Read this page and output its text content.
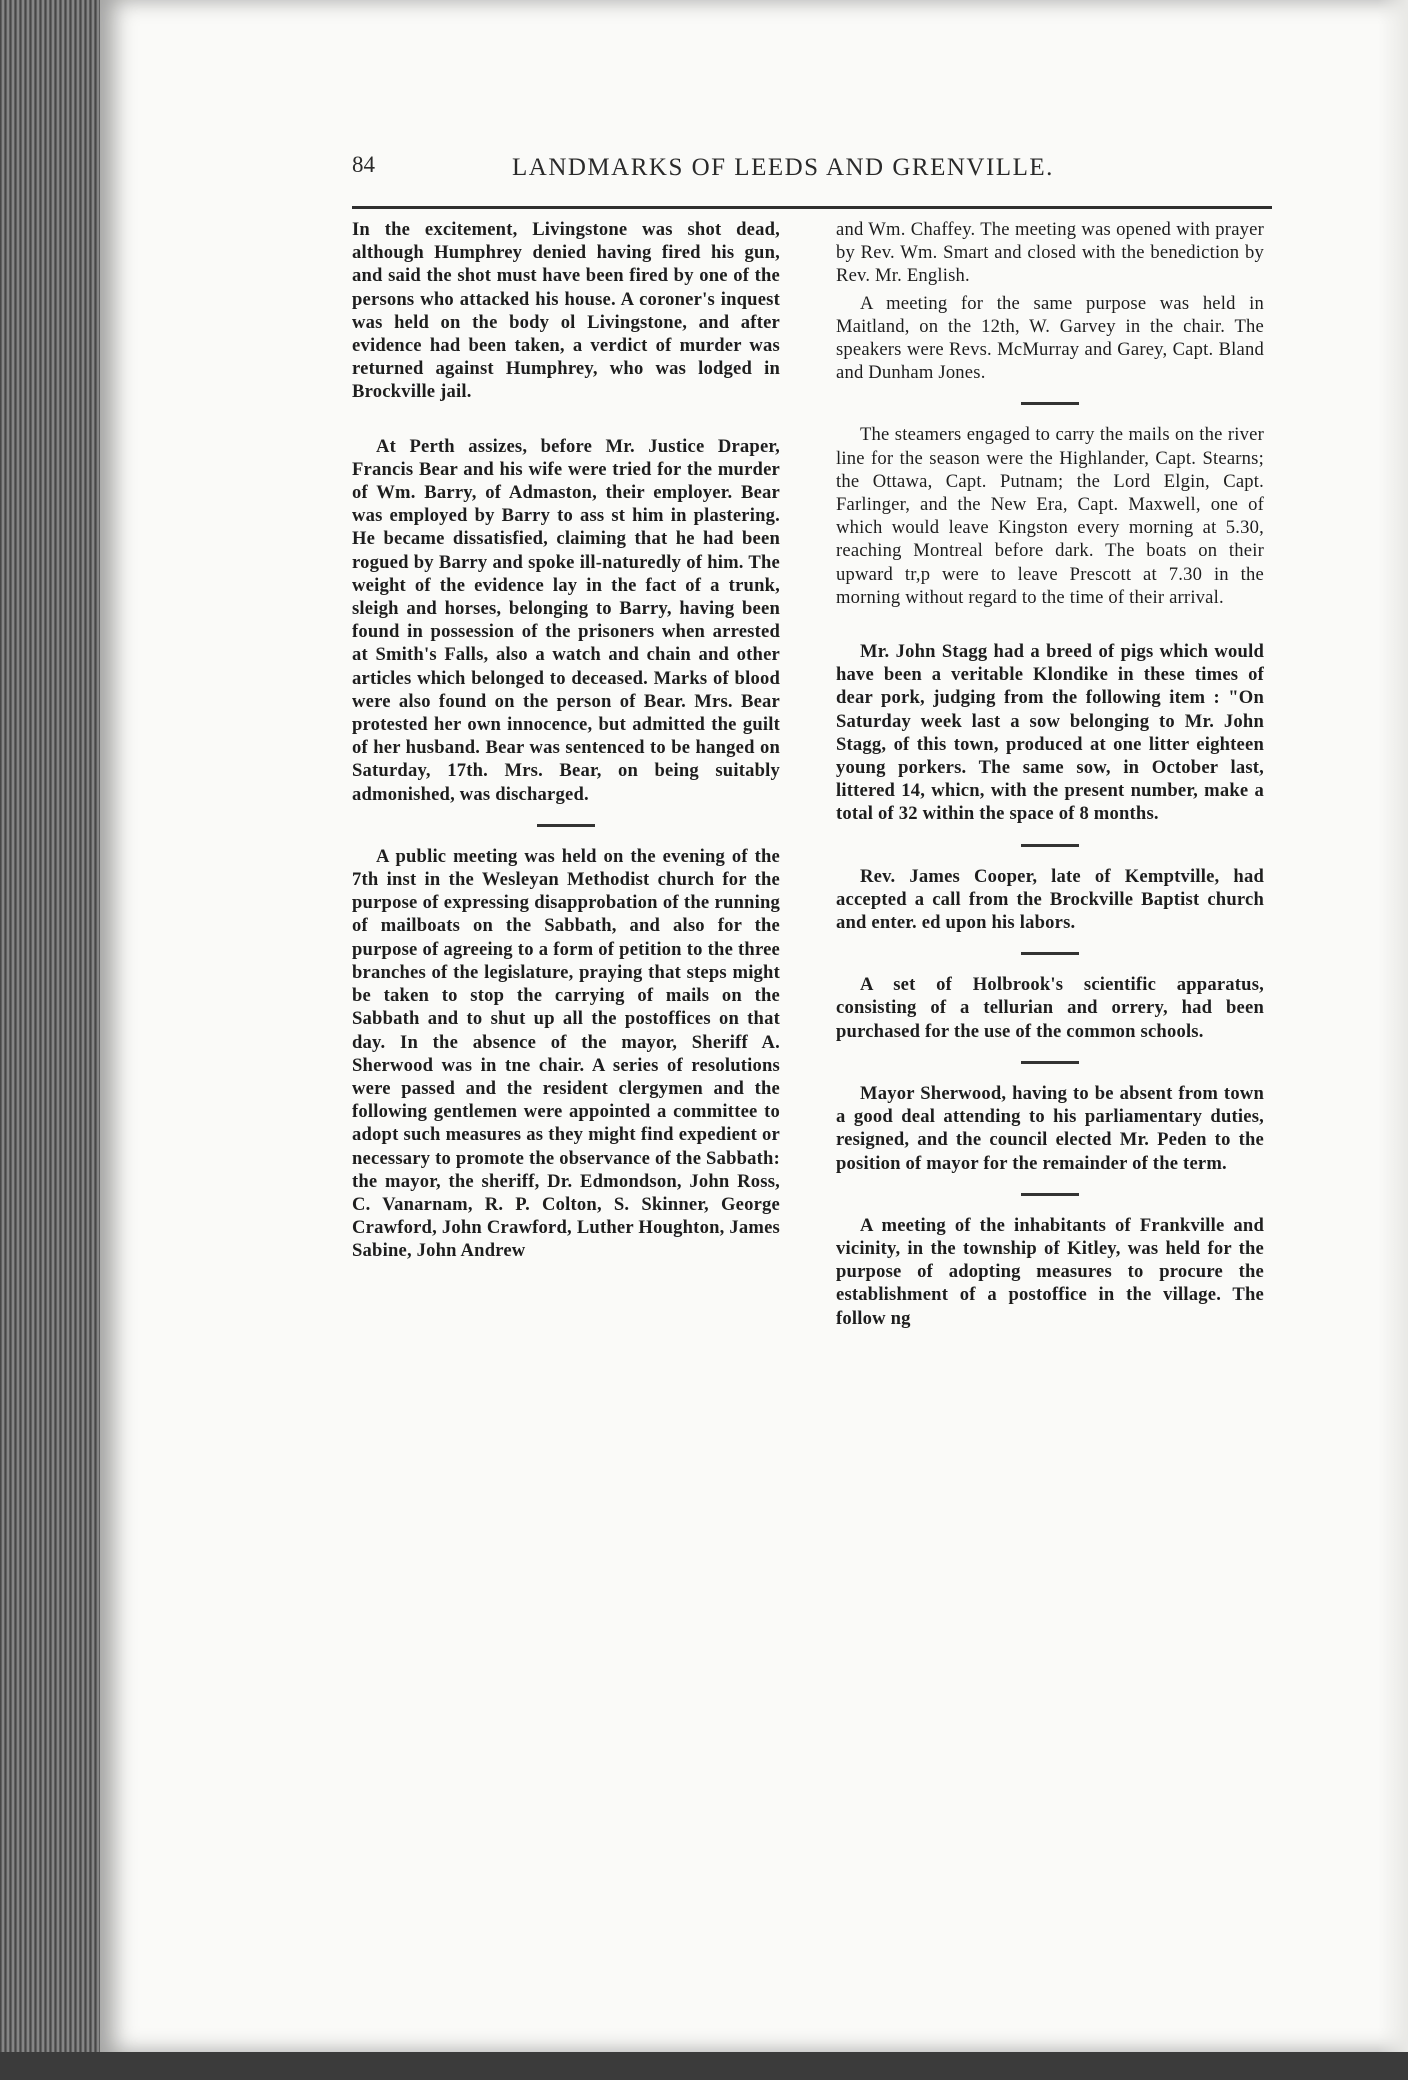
84	LANDMARKS OF LEEDS AND GRENVILLE.

In the excitement, Livingstone was shot dead, although Humphrey denied having fired his gun, and said the shot must have been fired by one of the persons who attacked his house. A coroner's inquest was held on the body ol Livingstone, and after evidence had been taken, a verdict of murder was returned against Humphrey, who was lodged in Brockville jail.

At Perth assizes, before Mr. Justice Draper, Francis Bear and his wife were tried for the murder of Wm. Barry, of Admaston, their employer. Bear was employed by Barry to ass st him in plastering. He became dissatisfied, claiming that he had been rogued by Barry and spoke ill-naturedly of him. The weight of the evidence lay in the fact of a trunk, sleigh and horses, belonging to Barry, having been found in possession of the prisoners when arrested at Smith's Falls, also a watch and chain and other articles which belonged to deceased. Marks of blood were also found on the person of Bear. Mrs. Bear protested her own innocence, but admitted the guilt of her husband. Bear was sentenced to be hanged on Saturday, 17th. Mrs. Bear, on being suitably admonished, was discharged.

A public meeting was held on the evening of the 7th inst in the Wesleyan Methodist church for the purpose of expressing disapprobation of the running of mailboats on the Sabbath, and also for the purpose of agreeing to a form of petition to the three branches of the legislature, praying that steps might be taken to stop the carrying of mails on the Sabbath and to shut up all the postoffices on that day. In the absence of the mayor, Sheriff A. Sherwood was in tne chair. A series of resolutions were passed and the resident clergymen and the following gentlemen were appointed a committee to adopt such measures as they might find expedient or necessary to promote the observance of the Sabbath: the mayor, the sheriff, Dr. Edmondson, John Ross, C. Vanarnam, R. P. Colton, S. Skinner, George Crawford, John Crawford, Luther Houghton, James Sabine, John Andrew

and Wm. Chaffey. The meeting was opened with prayer by Rev. Wm. Smart and closed with the benediction by Rev. Mr. English.

A meeting for the same purpose was held in Maitland, on the 12th, W. Garvey in the chair. The speakers were Revs. McMurray and Garey, Capt. Bland and Dunham Jones.

The steamers engaged to carry the mails on the river line for the season were the Highlander, Capt. Stearns; the Ottawa, Capt. Putnam; the Lord Elgin, Capt. Farlinger, and the New Era, Capt. Maxwell, one of which would leave Kingston every morning at 5.30, reaching Montreal before dark. The boats on their upward tr,p were to leave Prescott at 7.30 in the morning without regard to the time of their arrival.

Mr. John Stagg had a breed of pigs which would have been a veritable Klondike in these times of dear pork, judging from the following item : "On Saturday week last a sow belonging to Mr. John Stagg, of this town, produced at one litter eighteen young porkers. The same sow, in October last, littered 14, whicn, with the present number, make a total of 32 within the space of 8 months.

Rev. James Cooper, late of Kemptville, had accepted a call from the Brockville Baptist church and enter. ed upon his labors.

A set of Holbrook's scientific apparatus, consisting of a tellurian and orrery, had been purchased for the use of the common schools.

Mayor Sherwood, having to be absent from town a good deal attending to his parliamentary duties, resigned, and the council elected Mr. Peden to the position of mayor for the remainder of the term.

A meeting of the inhabitants of Frankville and vicinity, in the township of Kitley, was held for the purpose of adopting measures to procure the establishment of a postoffice in the village. The follow ng
